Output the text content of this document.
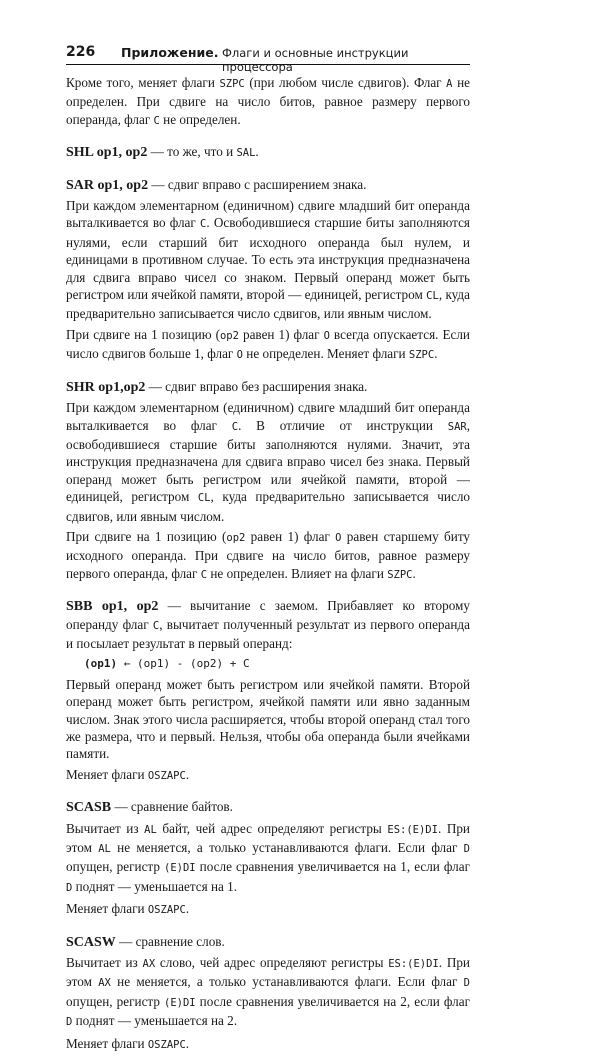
226 Приложение. Флаги и основные инструкции процессора

Кроме того, меняет флаги SZPC (при любом числе сдвигов). Флаг A не определен. При сдвиге на число битов, равное размеру первого операнда, флаг C не определен.

SHL op1, op2 — то же, что и SAL.

SAR op1, op2 — сдвиг вправо с расширением знака.

При каждом элементарном (единичном) сдвиге младший бит операнда выталкивается во флаг C. Освободившиеся старшие биты заполняются нулями, если старший бит исходного операнда был нулем, и единицами в противном случае. То есть эта инструкция предназначена для сдвига вправо чисел со знаком. Первый операнд может быть регистром или ячейкой памяти, второй — единицей, регистром CL, куда предварительно записывается число сдвигов, или явным числом.

При сдвиге на 1 позицию (op2 равен 1) флаг O всегда опускается. Если число сдвигов больше 1, флаг O не определен. Меняет флаги SZPC.

SHR op1,op2 — сдвиг вправо без расширения знака.

При каждом элементарном (единичном) сдвиге младший бит операнда выталкивается во флаг C. В отличие от инструкции SAR, освободившиеся старшие биты заполняются нулями. Значит, эта инструкция предназначена для сдвига вправо чисел без знака. Первый операнд может быть регистром или ячейкой памяти, второй — единицей, регистром CL, куда предварительно записывается число сдвигов, или явным числом.

При сдвиге на 1 позицию (op2 равен 1) флаг O равен старшему биту исходного операнда. При сдвиге на число битов, равное размеру первого операнда, флаг C не определен. Влияет на флаги SZPC.

SBB op1, op2 — вычитание с заемом. Прибавляет ко второму операнду флаг C, вычитает полученный результат из первого операнда и посылает результат в первый операнд:

(op1) ← (op1) - (op2) + C

Первый операнд может быть регистром или ячейкой памяти. Второй операнд может быть регистром, ячейкой памяти или явно заданным числом. Знак этого числа расширяется, чтобы второй операнд стал того же размера, что и первый. Нельзя, чтобы оба операнда были ячейками памяти.

Меняет флаги OSZAPC.

SCASB — сравнение байтов.

Вычитает из AL байт, чей адрес определяют регистры ES:(E)DI. При этом AL не меняется, а только устанавливаются флаги. Если флаг D опущен, регистр (E)DI после сравнения увеличивается на 1, если флаг D поднят — уменьшается на 1.

Меняет флаги OSZAPC.

SCASW — сравнение слов.

Вычитает из AX слово, чей адрес определяют регистры ES:(E)DI. При этом AX не меняется, а только устанавливаются флаги. Если флаг D опущен, регистр (E)DI после сравнения увеличивается на 2, если флаг D поднят — уменьшается на 2.

Меняет флаги OSZAPC.
